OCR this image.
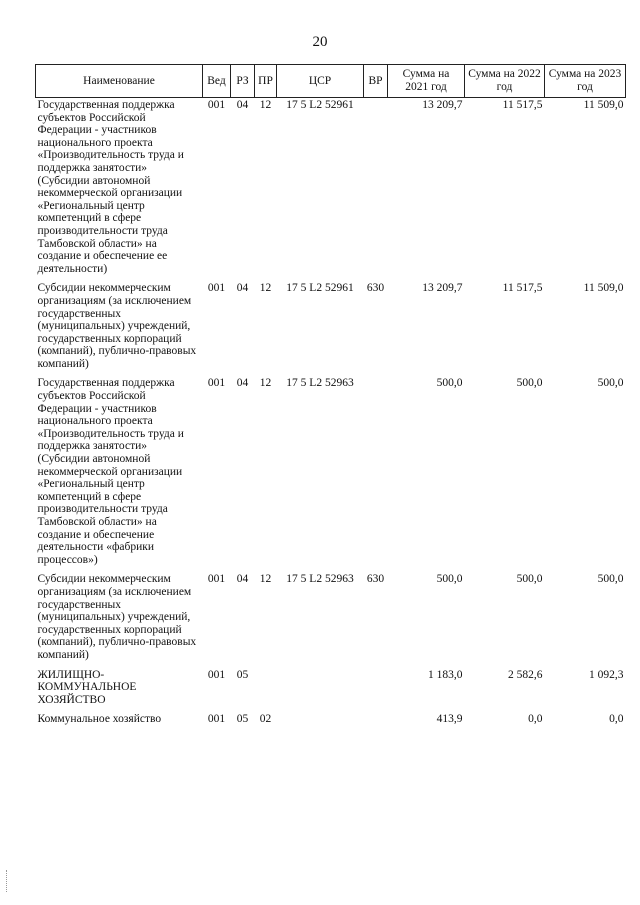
20
Наименование	Вед	РЗ	ПР	ЦСР	ВР	Сумма на 2021 год	Сумма на 2022 год	Сумма на 2023 год
Государственная поддержка субъектов Российской Федерации - участников национального проекта «Производительность труда и поддержка занятости» (Субсидии автономной некоммерческой организации «Региональный центр компетенций в сфере производительности труда Тамбовской области» на создание и обеспечение ее деятельности)	001	04	12	17 5 L2 52961		13 209,7	11 517,5	11 509,0
Субсидии некоммерческим организациям (за исключением государственных (муниципальных) учреждений, государственных корпораций (компаний), публично-правовых компаний)	001	04	12	17 5 L2 52961	630	13 209,7	11 517,5	11 509,0
Государственная поддержка субъектов Российской Федерации - участников национального проекта «Производительность труда и поддержка занятости» (Субсидии автономной некоммерческой организации «Региональный центр компетенций в сфере производительности труда Тамбовской области» на создание и обеспечение деятельности «фабрики процессов»)	001	04	12	17 5 L2 52963		500,0	500,0	500,0
Субсидии некоммерческим организациям (за исключением государственных (муниципальных) учреждений, государственных корпораций (компаний), публично-правовых компаний)	001	04	12	17 5 L2 52963	630	500,0	500,0	500,0
ЖИЛИЩНО-КОММУНАЛЬНОЕ ХОЗЯЙСТВО	001	05				1 183,0	2 582,6	1 092,3
Коммунальное хозяйство	001	05	02			413,9	0,0	0,0
